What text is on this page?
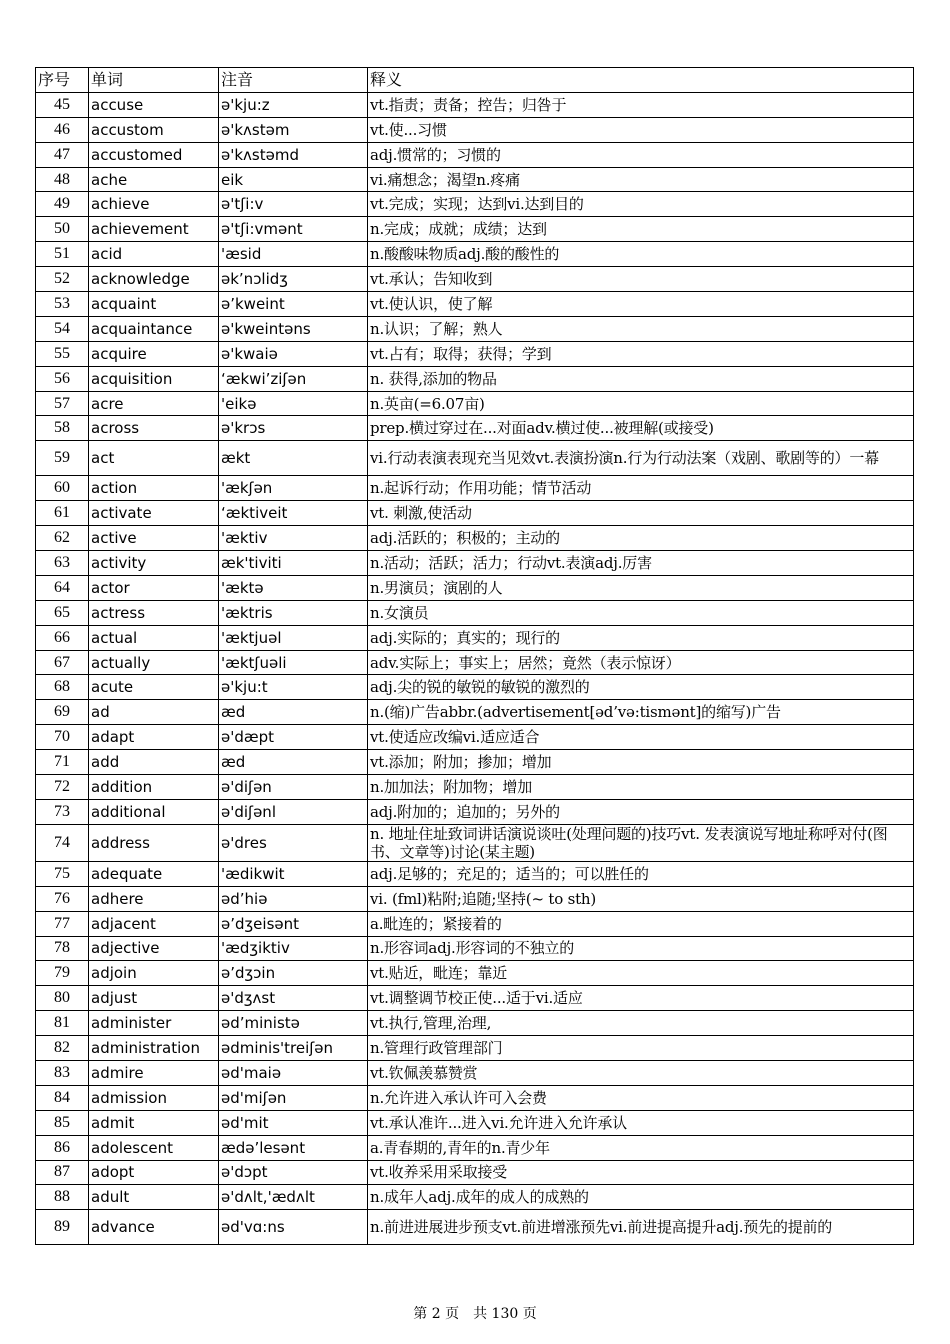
序号	单词	注音	释义
45	accuse	ə'kju:z	vt.指责；责备；控告；归咎于
46	accustom	ə'kʌstəm	vt.使...习惯
47	accustomed	ə'kʌstəmd	adj.惯常的；习惯的
48	ache	eik	vi.痛想念；渴望n.疼痛
49	achieve	ə'tʃi:v	vt.完成；实现；达到vi.达到目的
50	achievement	ə'tʃi:vmənt	n.完成；成就；成绩；达到
51	acid	'æsid	n.酸酸味物质adj.酸的酸性的
52	acknowledge	ək’nɔlidʒ	vt.承认；告知收到
53	acquaint	ə’kweint	vt.使认识，使了解
54	acquaintance	ə'kweintəns	n.认识；了解；熟人
55	acquire	ə'kwaiə	vt.占有；取得；获得；学到
56	acquisition	‘ækwi’ziʃən	n. 获得,添加的物品
57	acre	'eikə	n.英亩(=6.07亩)
58	across	ə'krɔs	prep.横过穿过在...对面adv.横过使...被理解(或接受)
59	act	ækt	vi.行动表演表现充当见效vt.表演扮演n.行为行动法案（戏剧、歌剧等的）一幕
60	action	'ækʃən	n.起诉行动；作用功能；情节活动
61	activate	‘æktiveit	vt. 刺激,使活动
62	active	'æktiv	adj.活跃的；积极的；主动的
63	activity	æk'tiviti	n.活动；活跃；活力；行动vt.表演adj.厉害
64	actor	'æktə	n.男演员；演剧的人
65	actress	'æktris	n.女演员
66	actual	'æktjuəl	adj.实际的；真实的；现行的
67	actually	'æktʃuəli	adv.实际上；事实上；居然；竟然（表示惊讶）
68	acute	ə'kju:t	adj.尖的锐的敏锐的敏锐的激烈的
69	ad	æd	n.(缩)广告abbr.(advertisement[əd’və:tismənt]的缩写)广告
70	adapt	ə'dæpt	vt.使适应改编vi.适应适合
71	add	æd	vt.添加；附加；掺加；增加
72	addition	ə'diʃən	n.加加法；附加物；增加
73	additional	ə'diʃənl	adj.附加的；追加的；另外的
74	address	ə'dres	n. 地址住址致词讲话演说谈吐(处理问题的)技巧vt. 发表演说写地址称呼对付(图书、文章等)讨论(某主题)
75	adequate	'ædikwit	adj.足够的；充足的；适当的；可以胜任的
76	adhere	əd’hiə	vi. (fml)粘附;追随;坚持(~ to sth)
77	adjacent	ə’dʒeisənt	a.毗连的；紧接着的
78	adjective	'ædʒiktiv	n.形容词adj.形容词的不独立的
79	adjoin	ə’dʒɔin	vt.贴近，毗连；靠近
80	adjust	ə'dʒʌst	vt.调整调节校正使...适于vi.适应
81	administer	əd’ministə	vt.执行,管理,治理,
82	administration	ədminis'treiʃən	n.管理行政管理部门
83	admire	əd'maiə	vt.钦佩羡慕赞赏
84	admission	əd'miʃən	n.允许进入承认许可入会费
85	admit	əd'mit	vt.承认准许...进入vi.允许进入允许承认
86	adolescent	ædə’lesənt	a.青春期的,青年的n.青少年
87	adopt	ə'dɔpt	vt.收养采用采取接受
88	adult	ə'dʌlt,'ædʌlt	n.成年人adj.成年的成人的成熟的
89	advance	əd'vɑ:ns	n.前进进展进步预支vt.前进增涨预先vi.前进提高提升adj.预先的提前的
第 2 页　共 130 页
